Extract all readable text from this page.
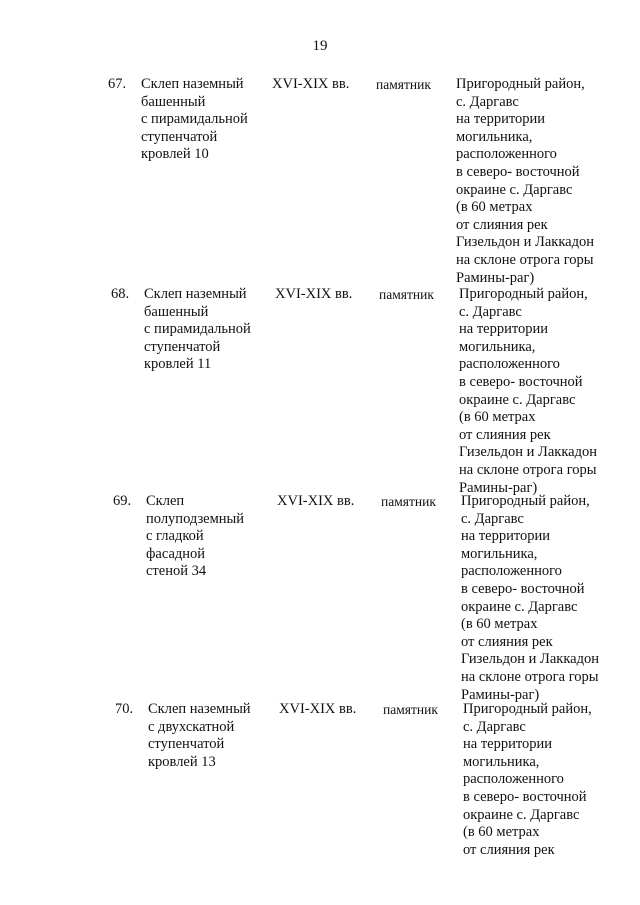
19
67. Склеп наземный
башенный
с пирамидальной
ступенчатой
кровлей 10
XVI-XIX вв. памятник Пригородный район,
с. Даргавс
на территории
могильника,
расположенного
в северо- восточной
окраине с. Даргавс
(в 60 метрах
от слияния рек
Гизельдон и Лаккадон
на склоне отрога горы
Рамины-раг)
68. Склеп наземный
башенный
с пирамидальной
ступенчатой
кровлей 11
XVI-XIX вв. памятник Пригородный район,
с. Даргавс
на территории
могильника,
расположенного
в северо- восточной
окраине с. Даргавс
(в 60 метрах
от слияния рек
Гизельдон и Лаккадон
на склоне отрога горы
Рамины-раг)
69. Склеп
полуподземный
с гладкой
фасадной
стеной 34
XVI-XIX вв. памятник Пригородный район,
с. Даргавс
на территории
могильника,
расположенного
в северо- восточной
окраине с. Даргавс
(в 60 метрах
от слияния рек
Гизельдон и Лаккадон
на склоне отрога горы
Рамины-раг)
70. Склеп наземный
с двухскатной
ступенчатой
кровлей 13
XVI-XIX вв. памятник Пригородный район,
с. Даргавс
на территории
могильника,
расположенного
в северо- восточной
окраине с. Даргавс
(в 60 метрах
от слияния рек
